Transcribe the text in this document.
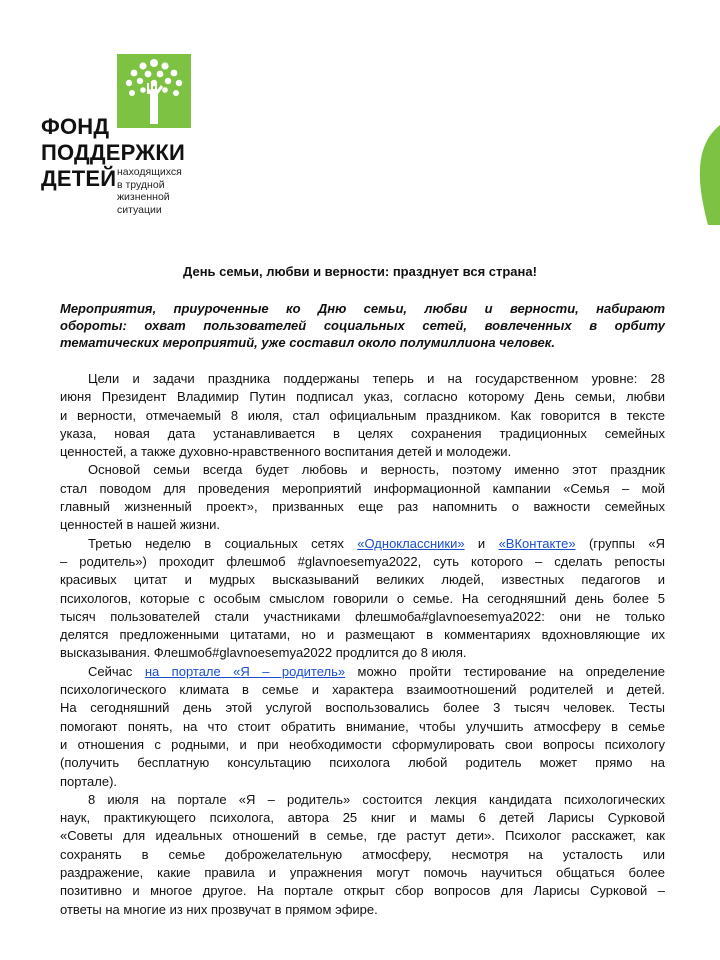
ФОНД
ПОДДЕРЖКИ
ДЕТЕЙ находящихся
в трудной
жизненной
ситуации
День семьи, любви и верности: празднует вся страна!
Мероприятия, приуроченные ко Дню семьи, любви и верности, набирают
обороты: охват пользователей социальных сетей, вовлеченных в орбиту
тематических мероприятий, уже составил около полумиллиона человек.
Цели и задачи праздника поддержаны теперь и на государственном уровне: 28
июня Президент Владимир Путин подписал указ, согласно которому День семьи, любви
и верности, отмечаемый 8 июля, стал официальным праздником. Как говорится в тексте
указа, новая дата устанавливается в целях сохранения традиционных семейных
ценностей, а также духовно-нравственного воспитания детей и молодежи.
Основой семьи всегда будет любовь и верность, поэтому именно этот праздник
стал поводом для проведения мероприятий информационной кампании «Семья – мой
главный жизненный проект», призванных еще раз напомнить о важности семейных
ценностей в нашей жизни.
Третью неделю в социальных сетях «Одноклассники» и «ВКонтакте» (группы «Я
– родитель») проходит флешмоб #glavnoesemya2022, суть которого – сделать репосты
красивых цитат и мудрых высказываний великих людей, известных педагогов и
психологов, которые с особым смыслом говорили о семье. На сегодняшний день более 5
тысяч пользователей стали участниками флешмоба#glavnoesemya2022: они не только
делятся предложенными цитатами, но и размещают в комментариях вдохновляющие их
высказывания. Флешмоб#glavnoesemya2022 продлится до 8 июля.
Сейчас на портале «Я – родитель» можно пройти тестирование на определение
психологического климата в семье и характера взаимоотношений родителей и детей.
На сегодняшний день этой услугой воспользовались более 3 тысяч человек. Тесты
помогают понять, на что стоит обратить внимание, чтобы улучшить атмосферу в семье
и отношения с родными, и при необходимости сформулировать свои вопросы психологу
(получить бесплатную консультацию психолога любой родитель может прямо на
портале).
8 июля на портале «Я – родитель» состоится лекция кандидата психологических
наук, практикующего психолога, автора 25 книг и мамы 6 детей Ларисы Сурковой
«Советы для идеальных отношений в семье, где растут дети». Психолог расскажет, как
сохранять в семье доброжелательную атмосферу, несмотря на усталость или
раздражение, какие правила и упражнения могут помочь научиться общаться более
позитивно и многое другое. На портале открыт сбор вопросов для Ларисы Сурковой –
ответы на многие из них прозвучат в прямом эфире.
